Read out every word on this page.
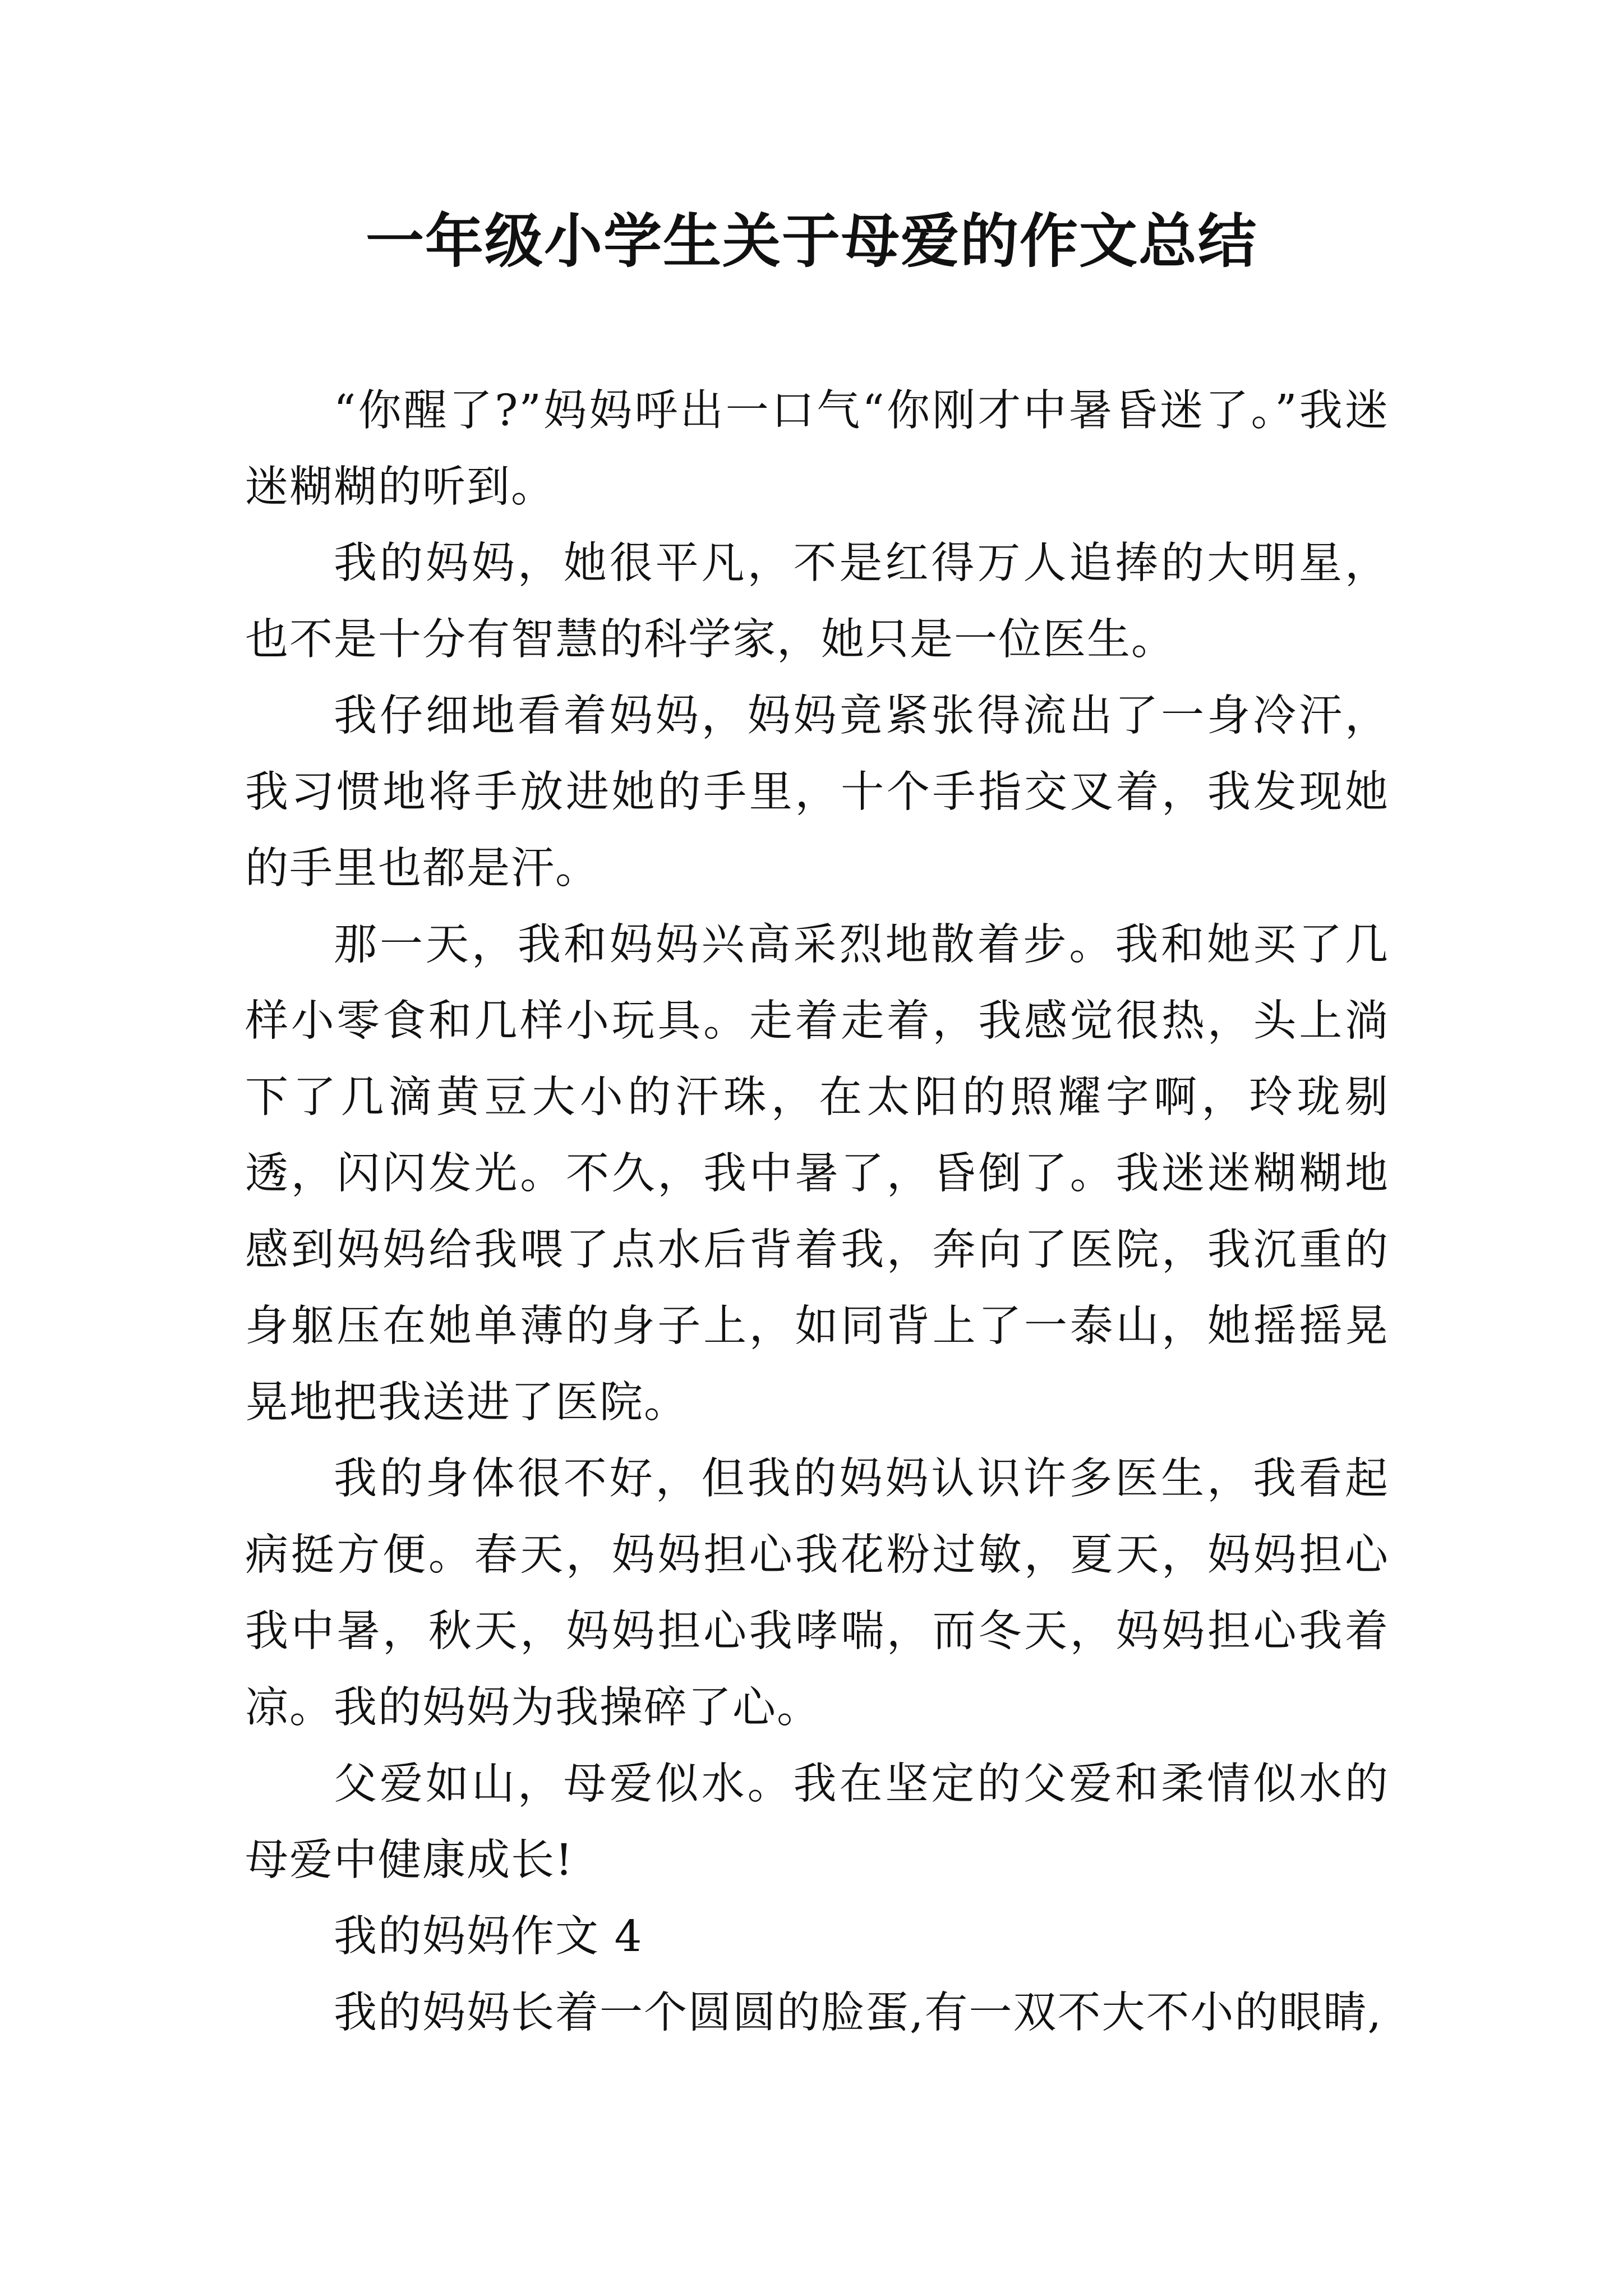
一年级小学生关于母爱的作文总结

“你醒了?”妈妈呼出一口气“你刚才中暑昏迷了。”我迷迷糊糊的听到。

我的妈妈，她很平凡，不是红得万人追捧的大明星，也不是十分有智慧的科学家，她只是一位医生。

我仔细地看着妈妈，妈妈竟紧张得流出了一身冷汗，我习惯地将手放进她的手里，十个手指交叉着，我发现她的手里也都是汗。

那一天，我和妈妈兴高采烈地散着步。我和她买了几样小零食和几样小玩具。走着走着，我感觉很热，头上淌下了几滴黄豆大小的汗珠，在太阳的照耀字啊，玲珑剔透，闪闪发光。不久，我中暑了，昏倒了。我迷迷糊糊地感到妈妈给我喂了点水后背着我，奔向了医院，我沉重的身躯压在她单薄的身子上，如同背上了一泰山，她摇摇晃晃地把我送进了医院。

我的身体很不好，但我的妈妈认识许多医生，我看起病挺方便。春天，妈妈担心我花粉过敏，夏天，妈妈担心我中暑，秋天，妈妈担心我哮喘，而冬天，妈妈担心我着凉。我的妈妈为我操碎了心。

父爱如山，母爱似水。我在坚定的父爱和柔情似水的母爱中健康成长!

我的妈妈作文 4

我的妈妈长着一个圆圆的脸蛋,有一双不大不小的眼睛,
